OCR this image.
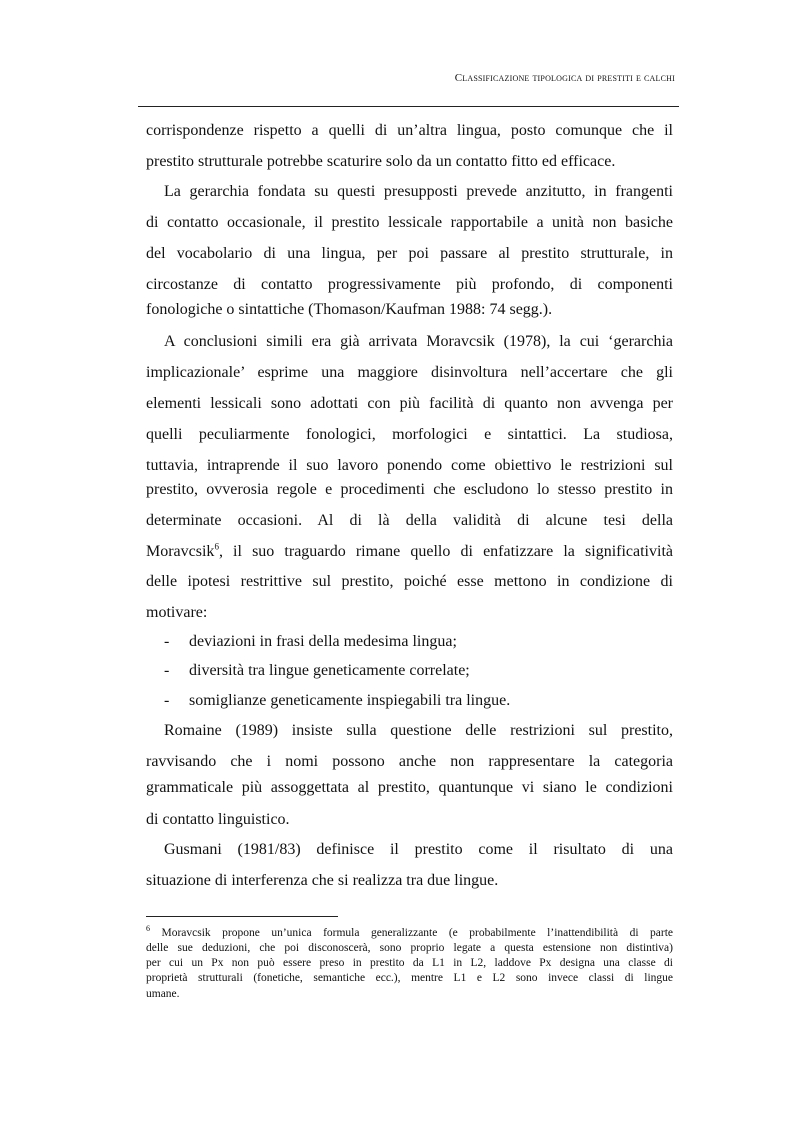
Classificazione tipologica di prestiti e calchi
corrispondenze rispetto a quelli di un’altra lingua, posto comunque che il
prestito strutturale potrebbe scaturire solo da un contatto fitto ed efficace.
La gerarchia fondata su questi presupposti prevede anzitutto, in frangenti
di contatto occasionale, il prestito lessicale rapportabile a unità non basiche
del vocabolario di una lingua, per poi passare al prestito strutturale, in
circostanze di contatto progressivamente più profondo, di componenti
fonologiche o sintattiche (Thomason/Kaufman 1988: 74 segg.).
A conclusioni simili era già arrivata Moravcsik (1978), la cui ‘gerarchia
implicazionale’ esprime una maggiore disinvoltura nell’accertare che gli
elementi lessicali sono adottati con più facilità di quanto non avvenga per
quelli peculiarmente fonologici, morfologici e sintattici. La studiosa,
tuttavia, intraprende il suo lavoro ponendo come obiettivo le restrizioni sul
prestito, ovverosia regole e procedimenti che escludono lo stesso prestito in
determinate occasioni. Al di là della validità di alcune tesi della
Moravcsik$^6$, il suo traguardo rimane quello di enfatizzare la significatività
delle ipotesi restrittive sul prestito, poiché esse mettono in condizione di
motivare:
- deviazioni in frasi della medesima lingua;
- diversità tra lingue geneticamente correlate;
- somiglianze geneticamente inspiegabili tra lingue.
Romaine (1989) insiste sulla questione delle restrizioni sul prestito,
ravvisando che i nomi possono anche non rappresentare la categoria
grammaticale più assoggettata al prestito, quantunque vi siano le condizioni
di contatto linguistico.
Gusmani (1981/83) definisce il prestito come il risultato di una
situazione di interferenza che si realizza tra due lingue.
$^6$ Moravcsik propone un’unica formula generalizzante (e probabilmente l’inattendibilità di parte
delle sue deduzioni, che poi disconoscerà, sono proprio legate a questa estensione non distintiva)
per cui un Px non può essere preso in prestito da L1 in L2, laddove Px designa una classe di
proprietà strutturali (fonetiche, semantiche ecc.), mentre L1 e L2 sono invece classi di lingue
umane.
